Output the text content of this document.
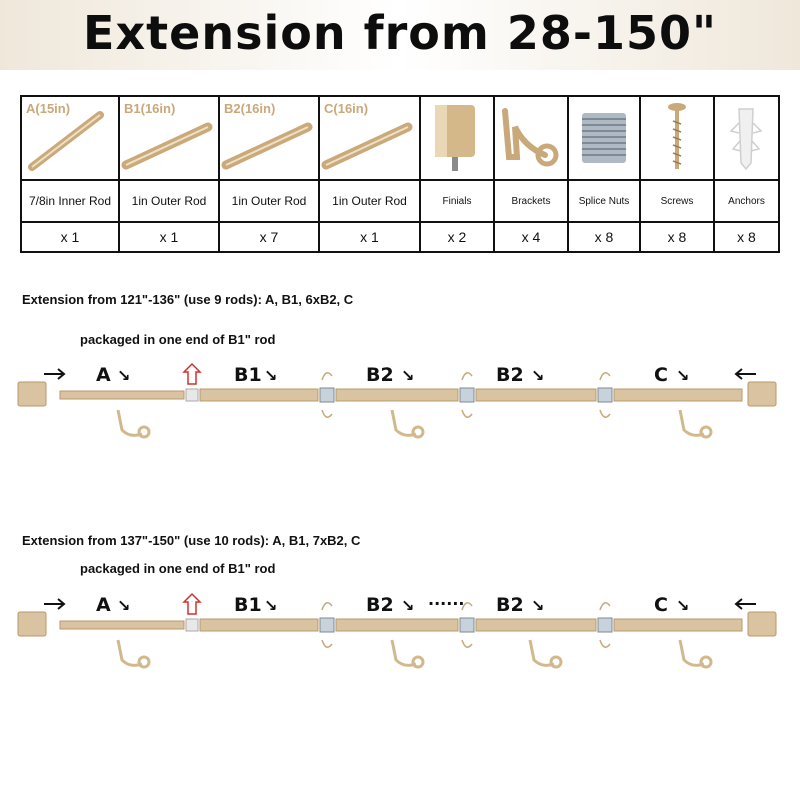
Extension from 28-150"
A(15in)
7/8in Inner Rod
x 1
B1(16in)
1in Outer Rod
x 1
B2(16in)
1in Outer Rod
x 7
C(16in)
1in Outer Rod
x 1
Finials
x 2
Brackets
x 4
Splice Nuts
x 8
Screws
x 8
Anchors
x 8
Extension from 121"-136" (use 9 rods): A, B1, 6xB2, C
packaged in one end of B1" rod
A	B1	B2	B2	C
↘	↘	↘	↘	↘
Extension from 137"-150" (use 10 rods): A, B1, 7xB2, C
packaged in one end of B1" rod
A	B1	B2 ······ B2	C
↘	↘	↘	↘	↘
